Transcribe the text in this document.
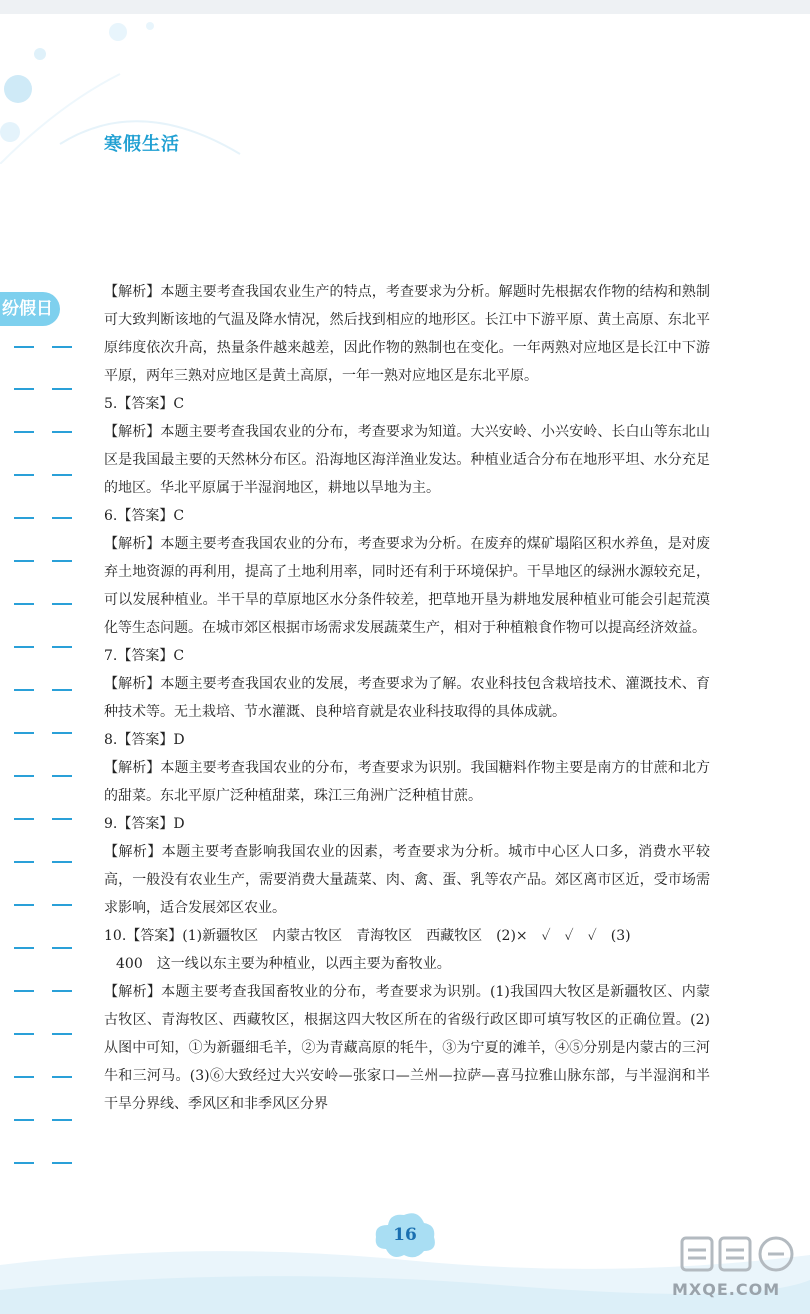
寒假生活
纷假日

【解析】本题主要考查我国农业生产的特点，考查要求为分析。解题时先根据农作物的结构和熟制可大致判断该地的气温及降水情况，然后找到相应的地形区。长江中下游平原、黄土高原、东北平原纬度依次升高，热量条件越来越差，因此作物的熟制也在变化。一年两熟对应地区是长江中下游平原，两年三熟对应地区是黄土高原，一年一熟对应地区是东北平原。

5.【答案】C

【解析】本题主要考查我国农业的分布，考查要求为知道。大兴安岭、小兴安岭、长白山等东北山区是我国最主要的天然林分布区。沿海地区海洋渔业发达。种植业适合分布在地形平坦、水分充足的地区。华北平原属于半湿润地区，耕地以旱地为主。

6.【答案】C

【解析】本题主要考查我国农业的分布，考查要求为分析。在废弃的煤矿塌陷区积水养鱼，是对废弃土地资源的再利用，提高了土地利用率，同时还有利于环境保护。干旱地区的绿洲水源较充足，可以发展种植业。半干旱的草原地区水分条件较差，把草地开垦为耕地发展种植业可能会引起荒漠化等生态问题。在城市郊区根据市场需求发展蔬菜生产，相对于种植粮食作物可以提高经济效益。

7.【答案】C

【解析】本题主要考查我国农业的发展，考查要求为了解。农业科技包含栽培技术、灌溉技术、育种技术等。无土栽培、节水灌溉、良种培育就是农业科技取得的具体成就。

8.【答案】D

【解析】本题主要考查我国农业的分布，考查要求为识别。我国糖料作物主要是南方的甘蔗和北方的甜菜。东北平原广泛种植甜菜，珠江三角洲广泛种植甘蔗。

9.【答案】D

【解析】本题主要考查影响我国农业的因素，考查要求为分析。城市中心区人口多，消费水平较高，一般没有农业生产，需要消费大量蔬菜、肉、禽、蛋、乳等农产品。郊区离市区近，受市场需求影响，适合发展郊区农业。

10.【答案】(1)新疆牧区　内蒙古牧区　青海牧区　西藏牧区　(2)×　✓　✓　✓　(3)

400　这一线以东主要为种植业，以西主要为畜牧业。

【解析】本题主要考查我国畜牧业的分布，考查要求为识别。(1)我国四大牧区是新疆牧区、内蒙古牧区、青海牧区、西藏牧区，根据这四大牧区所在的省级行政区即可填写牧区的正确位置。(2)从图中可知，①为新疆细毛羊，②为青藏高原的牦牛，③为宁夏的滩羊，④⑤分别是内蒙古的三河牛和三河马。(3)⑥大致经过大兴安岭—张家口—兰州—拉萨—喜马拉雅山脉东部，与半湿润和半干旱分界线、季风区和非季风区分界

16
MXQE.COM
